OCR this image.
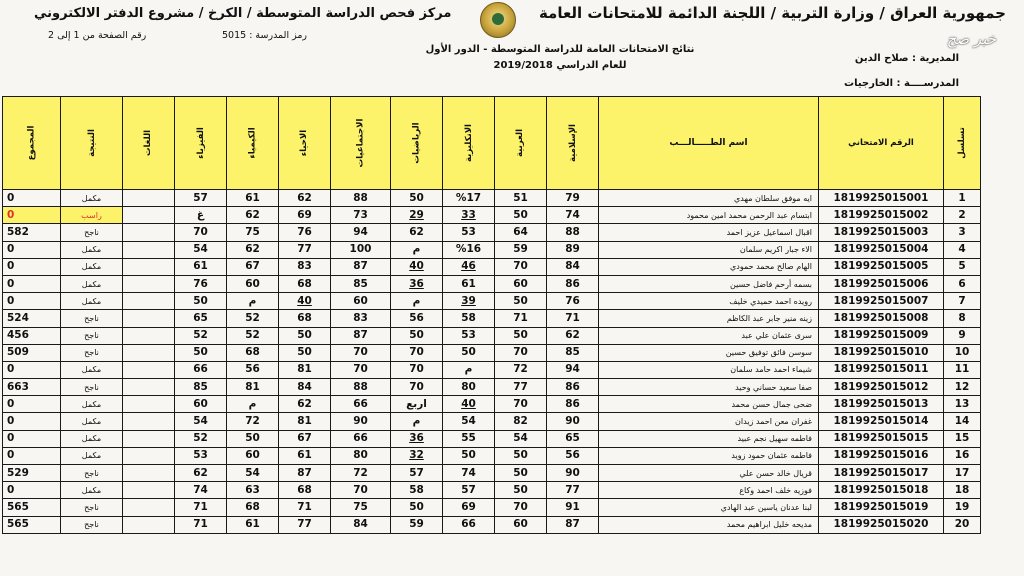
جمهورية العراق / وزارة التربية / اللجنة الدائمة للامتحانات العامة
مركز فحص الدراسة المتوسطة / الكرخ / مشروع الدفتر الالكتروني
رقم الصفحة من 1 إلى 2	رمز المدرسة : 5015
نتائج الامتحانات العامة للدراسة المتوسطة - الدور الأول
للعام الدراسي 2019/2018
المديرية : صلاح الدين
المدرســــة : الخارجيات
خبر صح
المجموع	النتيجة	اللغات	الفيزياء	الكيمياء	الاحياء	الاجتماعيات	الرياضيات	الانكليزية	العربية	الإسلامية	اسم الطـــــالـــب	الرقم الامتحاني	تسلسل
0	مكمل		57	61	62	88	50	%17	51	79	ايه موفق سلطان مهدي	1819925015001	1
0	راسب		غ	62	69	73	29	33	50	74	ابتسام عبد الرحمن محمد امين محمود	1819925015002	2
582	ناجح		70	75	76	94	62	53	64	88	اقبال اسماعيل عزيز احمد	1819925015003	3
0	مكمل		54	62	77	100	م	%16	59	89	الاء جبار اكريم سلمان	1819925015004	4
0	مكمل		61	67	83	87	40	46	70	84	الهام صالح محمد حمودي	1819925015005	5
0	مكمل		76	60	68	85	36	61	60	86	بسمه أرحم فاضل حسين	1819925015006	6
0	مكمل		50	م	40	60	م	39	50	76	رويده احمد حميدي خليف	1819925015007	7
524	ناجح		65	52	68	83	56	58	71	71	زينه منير جابر عبد الكاظم	1819925015008	8
456	ناجح		52	52	50	87	50	53	50	62	سرى عثمان علي عبد	1819925015009	9
509	ناجح		50	68	50	70	70	50	70	85	سوسن فائق توفيق حسين	1819925015010	10
0	مكمل		66	56	81	70	70	م	72	94	شيماء احمد حامد سلمان	1819925015011	11
663	ناجح		85	81	84	88	70	80	77	86	صفا سعيد حساني وحيد	1819925015012	12
0	مكمل		60	م	62	66	اربع	40	70	86	ضحى جمال حسن محمد	1819925015013	13
0	مكمل		54	72	81	90	م	54	82	90	غفران معن احمد زيدان	1819925015014	14
0	مكمل		52	50	67	66	36	55	54	65	فاطمه سهيل نجم عبيد	1819925015015	15
0	مكمل		53	60	61	80	32	50	50	56	فاطمه عثمان حمود زويد	1819925015016	16
529	ناجح		62	54	87	72	57	74	50	90	قريال خالد حسن علي	1819925015017	17
0	مكمل		74	63	68	70	58	57	50	77	فوزيه خلف احمد وكاع	1819925015018	18
565	ناجح		71	68	71	75	50	69	70	91	لبنا عدنان ياسين عبد الهادي	1819925015019	19
565	ناجح		71	61	77	84	59	66	60	87	مديحه خليل ابراهيم محمد	1819925015020	20
